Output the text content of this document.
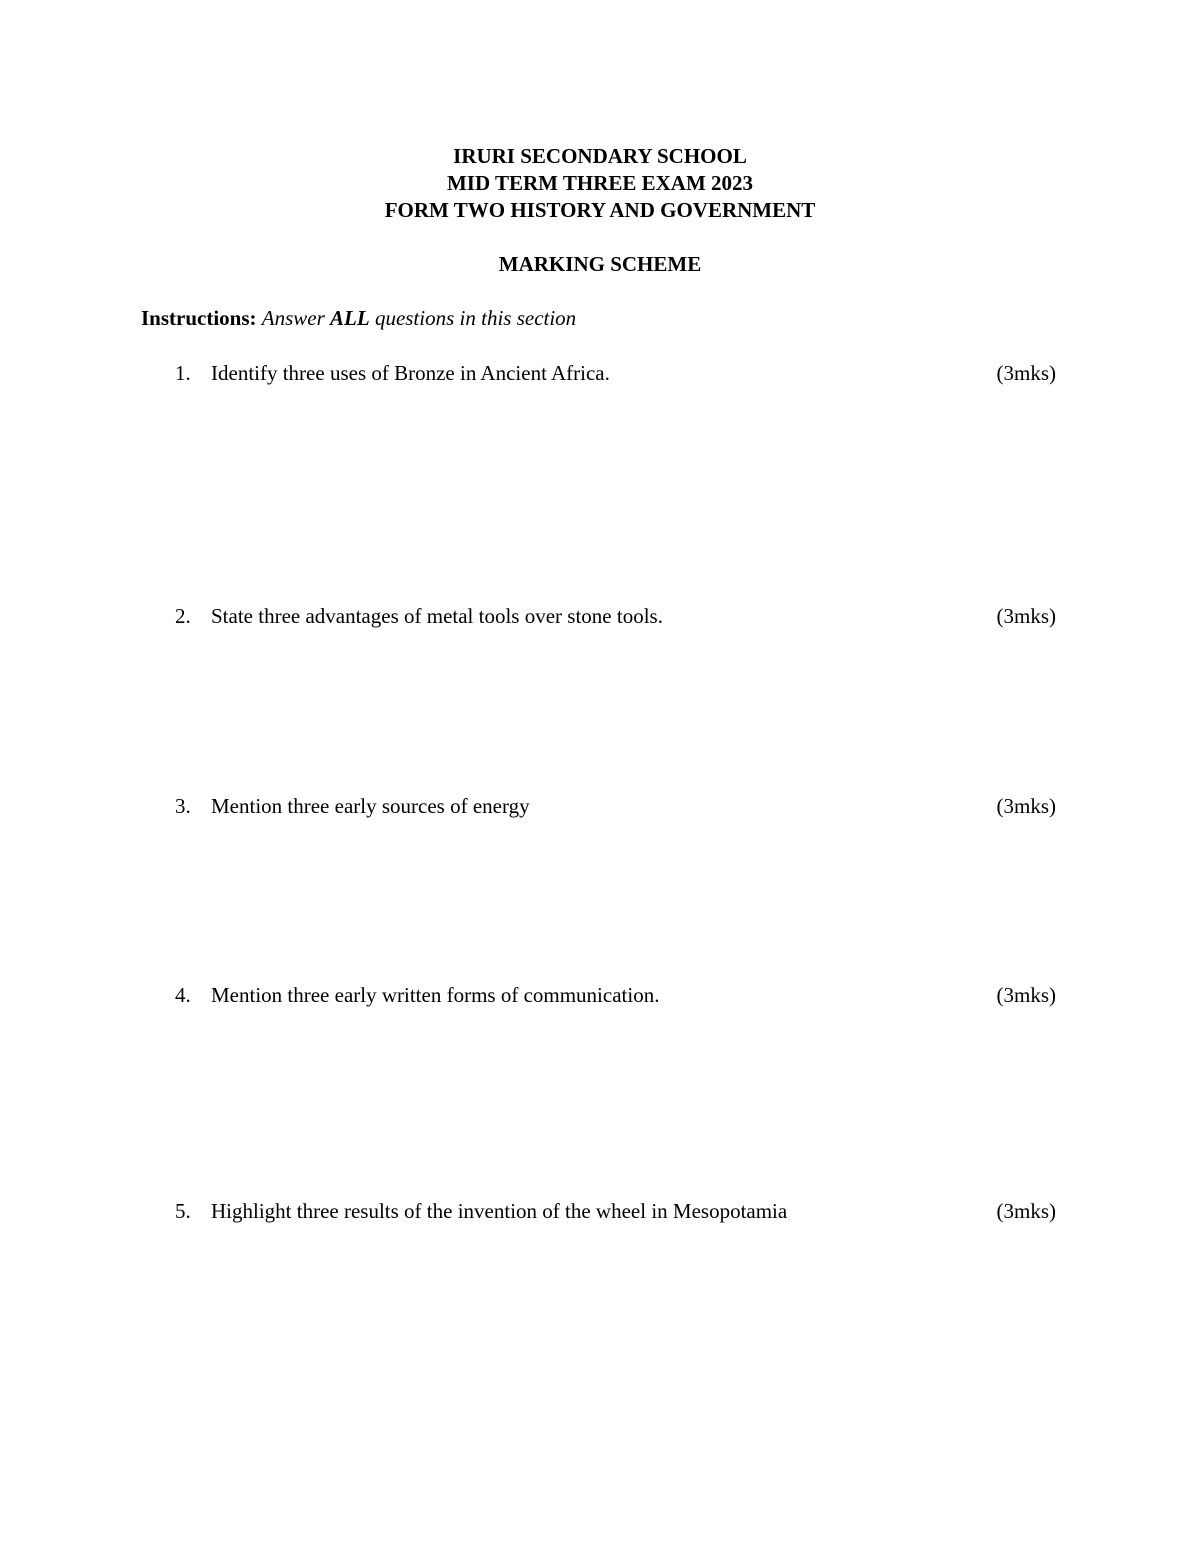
IRURI SECONDARY SCHOOL
MID TERM THREE EXAM 2023
FORM TWO HISTORY AND GOVERNMENT
MARKING SCHEME
Instructions: Answer ALL questions in this section
1. Identify three uses of Bronze in Ancient Africa.	(3mks)
2. State three advantages of metal tools over stone tools.	(3mks)
3. Mention three early sources of energy	(3mks)
4. Mention three early written forms of communication.	(3mks)
5. Highlight three results of the invention of the wheel in Mesopotamia	(3mks)
